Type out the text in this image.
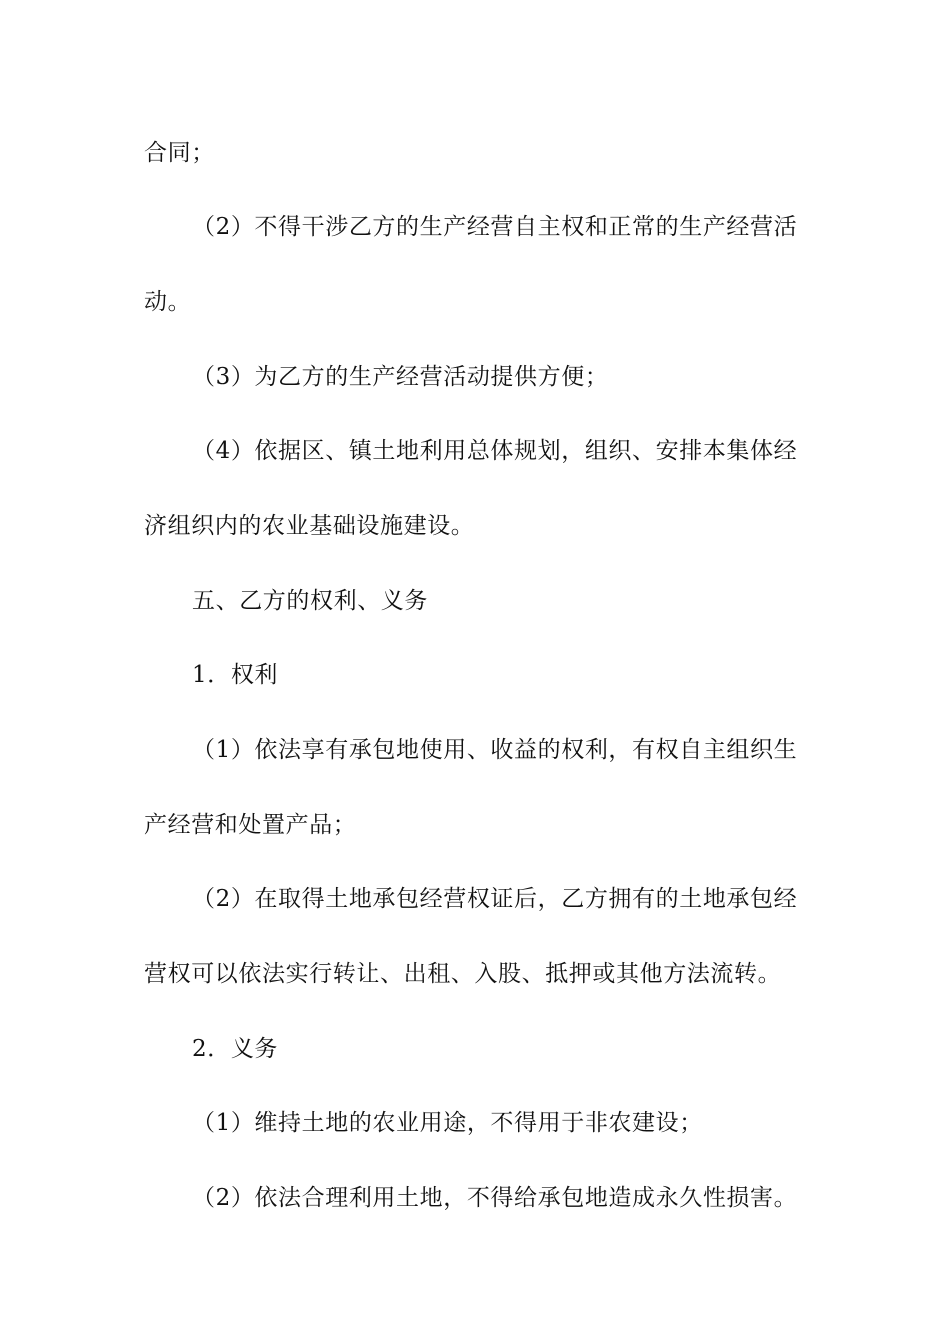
合同；
（2）不得干涉乙方的生产经营自主权和正常的生产经营活
动。
（3）为乙方的生产经营活动提供方便；
（4）依据区、镇土地利用总体规划，组织、安排本集体经
济组织内的农业基础设施建设。
五、乙方的权利、义务
1．权利
（1）依法享有承包地使用、收益的权利，有权自主组织生
产经营和处置产品；
（2）在取得土地承包经营权证后，乙方拥有的土地承包经
营权可以依法实行转让、出租、入股、抵押或其他方法流转。
2．义务
（1）维持土地的农业用途，不得用于非农建设；
（2）依法合理利用土地，不得给承包地造成永久性损害。
